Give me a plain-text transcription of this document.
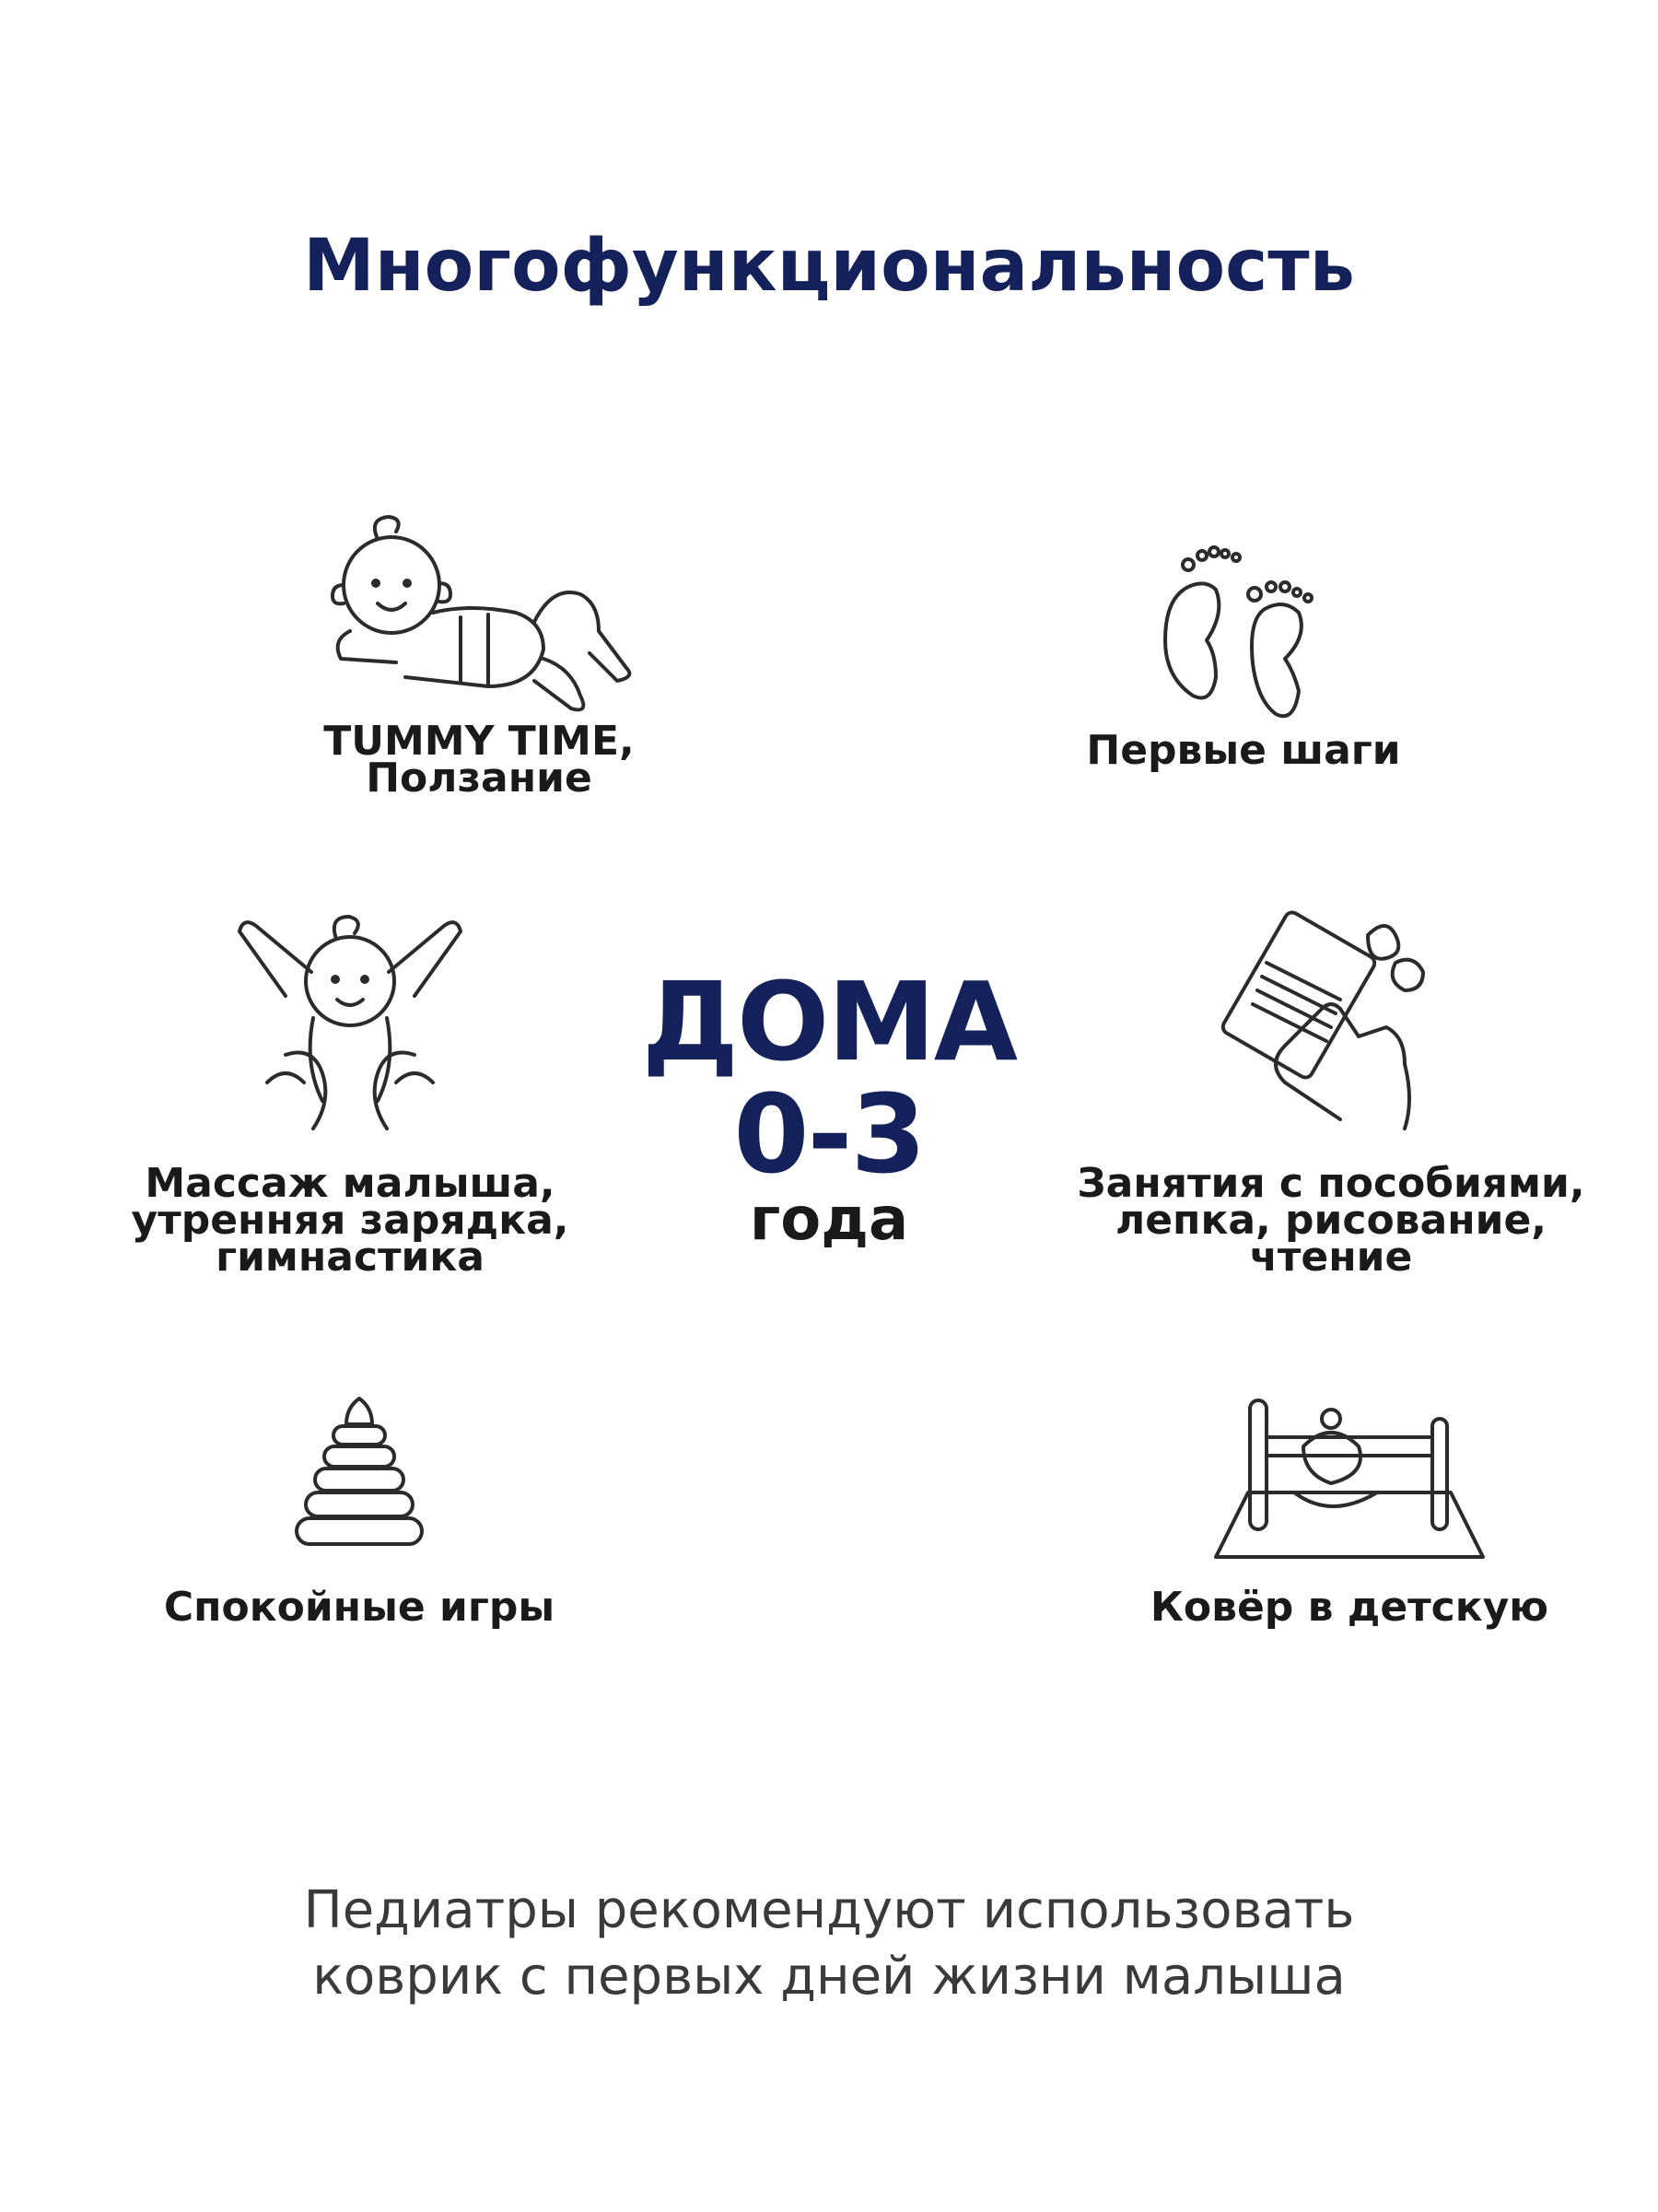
Многофункциональность
TUMMY TIME,
Ползание
Первые шаги
Массаж малыша,
утренняя зарядка,
гимнастика
ДОМА
0-3
года
Занятия с пособиями,
лепка, рисование,
чтение
Спокойные игры	Ковёр в детскую
Педиатры рекомендуют использовать
коврик с первых дней жизни малыша
